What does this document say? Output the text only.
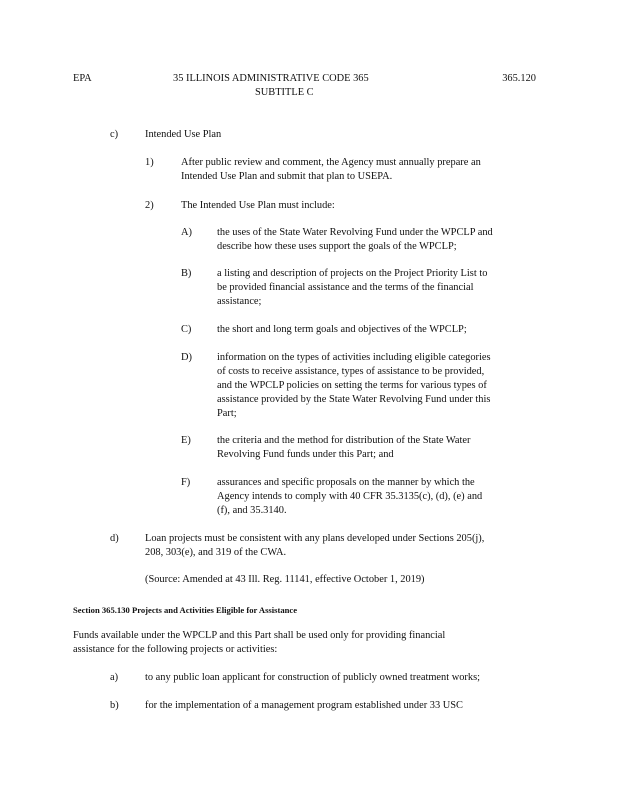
EPA	35 ILLINOIS ADMINISTRATIVE CODE 365
SUBTITLE C
365.120
c)	Intended Use Plan
1)	After public review and comment, the Agency must annually prepare an
Intended Use Plan and submit that plan to USEPA.
2)	The Intended Use Plan must include:
A) the uses of the State Water Revolving Fund under the WPCLP and
describe how these uses support the goals of the WPCLP;
B) a listing and description of projects on the Project Priority List to
be provided financial assistance and the terms of the financial
assistance;
C) the short and long term goals and objectives of the WPCLP;
D) information on the types of activities including eligible categories
of costs to receive assistance, types of assistance to be provided,
and the WPCLP policies on setting the terms for various types of
assistance provided by the State Water Revolving Fund under this
Part;
E)	the criteria and the method for distribution of the State Water
Revolving Fund funds under this Part; and
F)	assurances and specific proposals on the manner by which the
Agency intends to comply with 40 CFR 35.3135(c), (d), (e) and
(f), and 35.3140.
d)	Loan projects must be consistent with any plans developed under Sections 205(j),
208, 303(e), and 319 of the CWA.
(Source: Amended at 43 Ill. Reg. 11141, effective October 1, 2019)
Section 365.130 Projects and Activities Eligible for Assistance
Funds available under the WPCLP and this Part shall be used only for providing financial
assistance for the following projects or activities:
a)	to any public loan applicant for construction of publicly owned treatment works;
b)	for the implementation of a management program established under 33 USC
